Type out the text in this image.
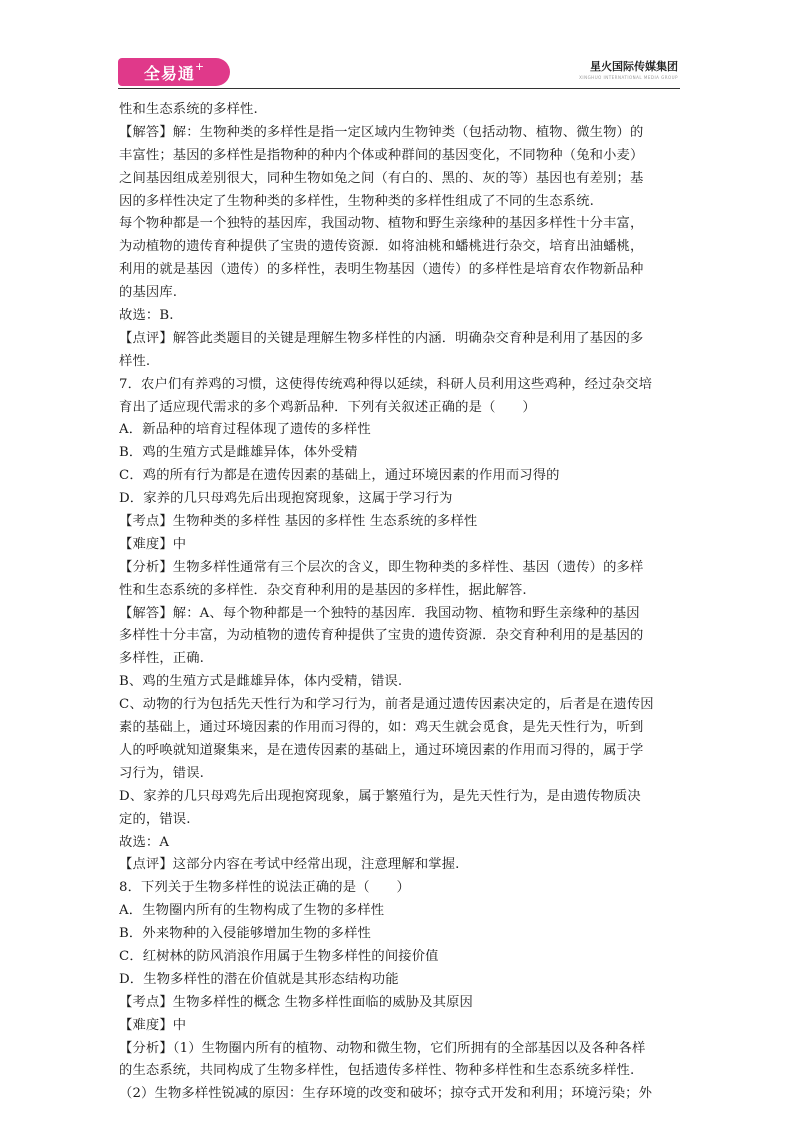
全易通 +	星火国际传媒集团
XINGHUO INTERNATIONAL MEDIA GROUP
性和生态系统的多样性.
【解答】解：生物种类的多样性是指一定区域内生物钟类（包括动物、植物、微生物）的
丰富性；基因的多样性是指物种的种内个体或种群间的基因变化，不同物种（兔和小麦）
之间基因组成差别很大，同种生物如兔之间（有白的、黑的、灰的等）基因也有差别；基
因的多样性决定了生物种类的多样性，生物种类的多样性组成了不同的生态系统.
每个物种都是一个独特的基因库，我国动物、植物和野生亲缘种的基因多样性十分丰富，
为动植物的遗传育种提供了宝贵的遗传资源．如将油桃和蟠桃进行杂交，培育出油蟠桃，
利用的就是基因（遗传）的多样性，表明生物基因（遗传）的多样性是培育农作物新品种
的基因库.
故选：B.
【点评】解答此类题目的关键是理解生物多样性的内涵．明确杂交育种是利用了基因的多
样性.
7．农户们有养鸡的习惯，这使得传统鸡种得以延续，科研人员利用这些鸡种，经过杂交培
育出了适应现代需求的多个鸡新品种．下列有关叙述正确的是（　　）
A．新品种的培育过程体现了遗传的多样性
B．鸡的生殖方式是雌雄异体，体外受精
C．鸡的所有行为都是在遗传因素的基础上，通过环境因素的作用而习得的
D．家养的几只母鸡先后出现抱窝现象，这属于学习行为
【考点】生物种类的多样性 基因的多样性 生态系统的多样性
【难度】中
【分析】生物多样性通常有三个层次的含义，即生物种类的多样性、基因（遗传）的多样
性和生态系统的多样性．杂交育种利用的是基因的多样性，据此解答.
【解答】解：A、每个物种都是一个独特的基因库．我国动物、植物和野生亲缘种的基因
多样性十分丰富，为动植物的遗传育种提供了宝贵的遗传资源．杂交育种利用的是基因的
多样性，正确.
B、鸡的生殖方式是雌雄异体，体内受精，错误.
C、动物的行为包括先天性行为和学习行为，前者是通过遗传因素决定的，后者是在遗传因
素的基础上，通过环境因素的作用而习得的，如：鸡天生就会觅食，是先天性行为，听到
人的呼唤就知道聚集来，是在遗传因素的基础上，通过环境因素的作用而习得的，属于学
习行为，错误.
D、家养的几只母鸡先后出现抱窝现象，属于繁殖行为，是先天性行为，是由遗传物质决
定的，错误.
故选：A
【点评】这部分内容在考试中经常出现，注意理解和掌握.
8．下列关于生物多样性的说法正确的是（　　）
A．生物圈内所有的生物构成了生物的多样性
B．外来物种的入侵能够增加生物的多样性
C．红树林的防风消浪作用属于生物多样性的间接价值
D．生物多样性的潜在价值就是其形态结构功能
【考点】生物多样性的概念 生物多样性面临的威胁及其原因
【难度】中
【分析】（1）生物圈内所有的植物、动物和微生物，它们所拥有的全部基因以及各种各样
的生态系统，共同构成了生物多样性，包括遗传多样性、物种多样性和生态系统多样性.
（2）生物多样性锐减的原因：生存环境的改变和破坏；掠夺式开发和利用；环境污染；外
